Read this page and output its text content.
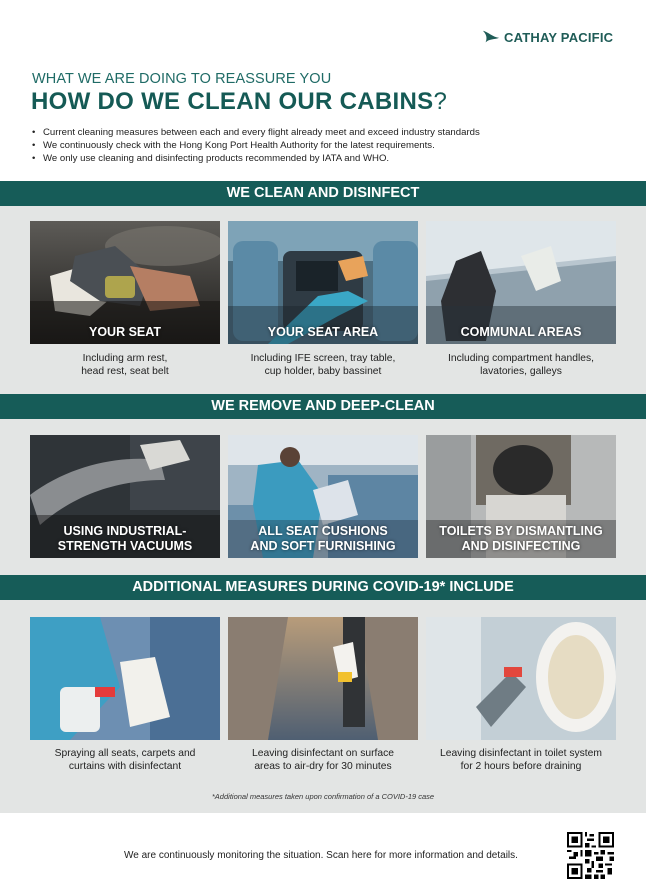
CATHAY PACIFIC
WHAT WE ARE DOING TO REASSURE YOU
HOW DO WE CLEAN OUR CABINS?
• Current cleaning measures between each and every flight already meet and exceed industry standards
• We continuously check with the Hong Kong Port Health Authority for the latest requirements.
• We only use cleaning and disinfecting products recommended by IATA and WHO.
WE CLEAN AND DISINFECT
YOUR SEAT	YOUR SEAT AREA	COMMUNAL AREAS
Including arm rest,
head rest, seat belt
Including IFE screen, tray table,
cup holder, baby bassinet
Including compartment handles,
lavatories, galleys
WE REMOVE AND DEEP-CLEAN
USING INDUSTRIAL-
STRENGTH VACUUMS
ALL SEAT CUSHIONS
AND SOFT FURNISHING
TOILETS BY DISMANTLING
AND DISINFECTING
ADDITIONAL MEASURES DURING COVID-19* INCLUDE
Spraying all seats, carpets and
curtains with disinfectant
Leaving disinfectant on surface
areas to air-dry for 30 minutes
Leaving disinfectant in toilet system
for 2 hours before draining
*Additional measures taken upon confirmation of a COVID-19 case
We are continuously monitoring the situation. Scan here for more information and details.
